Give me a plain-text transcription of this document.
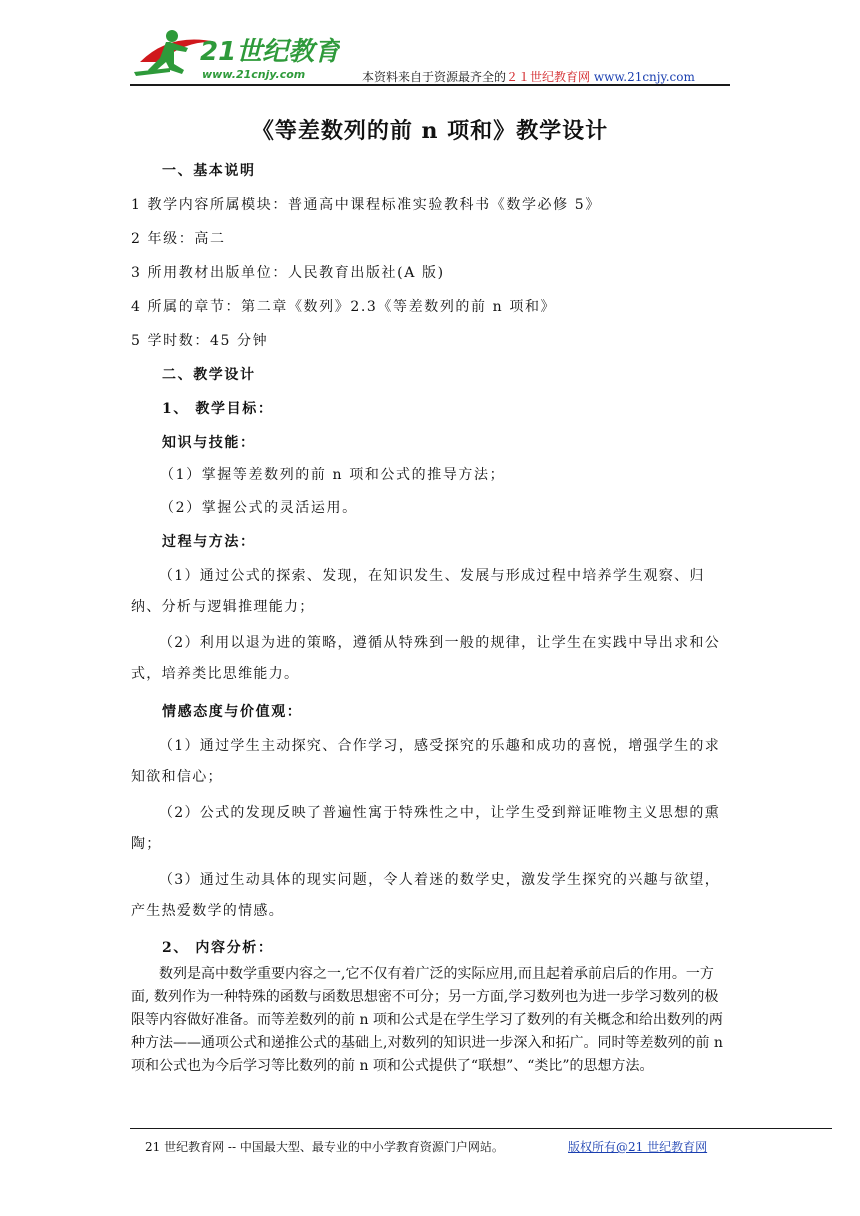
21世纪教育
www.21cnjy.com	本资料来自于资源最齐全的２１世纪教育网 www.21cnjy.com
《等差数列的前 n 项和》教学设计
一、基本说明
1 教学内容所属模块：普通高中课程标准实验教科书《数学必修 5》
2 年级：高二
3 所用教材出版单位：人民教育出版社(A 版)
4 所属的章节：第二章《数列》2.3《等差数列的前 n 项和》
5 学时数：45 分钟
二、教学设计
1、 教学目标：
知识与技能：
（1）掌握等差数列的前 n 项和公式的推导方法；
（2）掌握公式的灵活运用。
过程与方法：

（1）通过公式的探索、发现，在知识发生、发展与形成过程中培养学生观察、归纳、分析与逻辑推理能力；

（2）利用以退为进的策略，遵循从特殊到一般的规律，让学生在实践中导出求和公式，培养类比思维能力。

情感态度与价值观：

（1）通过学生主动探究、合作学习，感受探究的乐趣和成功的喜悦，增强学生的求知欲和信心；

（2）公式的发现反映了普遍性寓于特殊性之中，让学生受到辩证唯物主义思想的熏陶；

（3）通过生动具体的现实问题，令人着迷的数学史，激发学生探究的兴趣与欲望，产生热爱数学的情感。

2、 内容分析：

数列是高中数学重要内容之一,它不仅有着广泛的实际应用,而且起着承前启后的作用。一方面, 数列作为一种特殊的函数与函数思想密不可分；另一方面,学习数列也为进一步学习数列的极限等内容做好准备。而等差数列的前 n 项和公式是在学生学习了数列的有关概念和给出数列的两种方法——通项公式和递推公式的基础上,对数列的知识进一步深入和拓广。同时等差数列的前 n 项和公式也为今后学习等比数列的前 n 项和公式提供了“联想”、“类比”的思想方法。

21 世纪教育网 -- 中国最大型、最专业的中小学教育资源门户网站。	版权所有@21 世纪教育网
